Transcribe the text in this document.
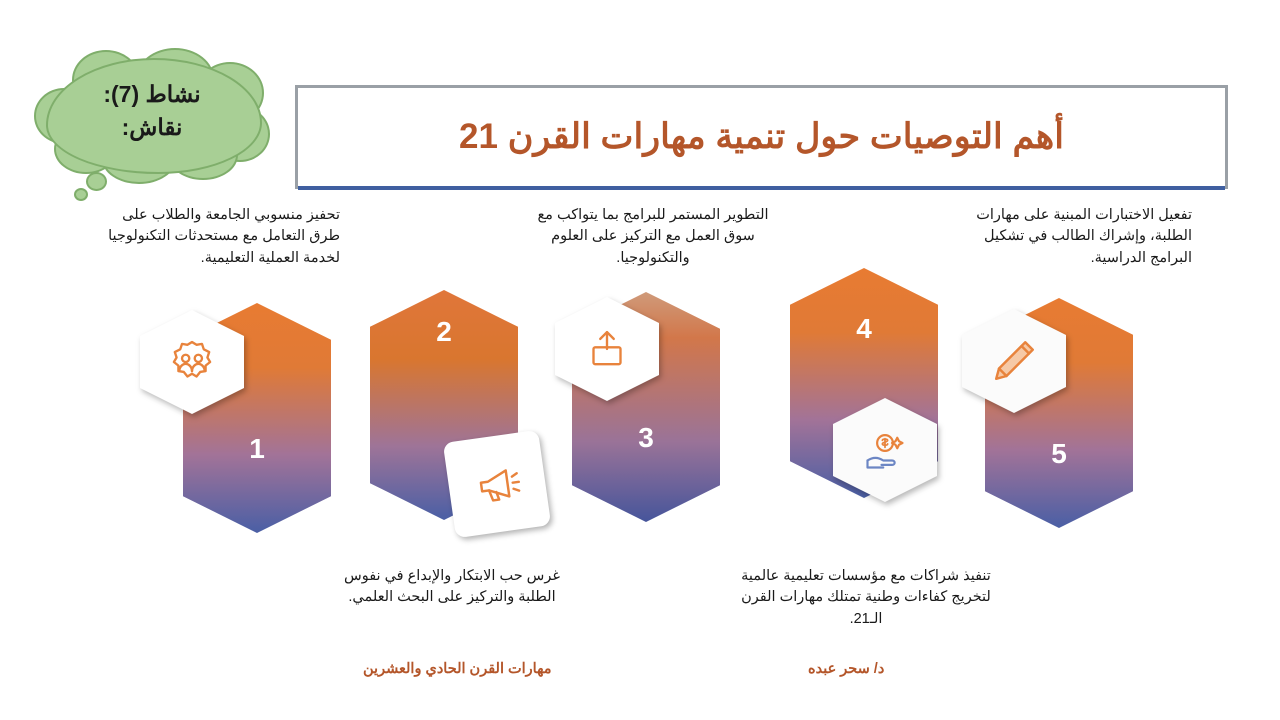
نشاط (7):
نقاش:	أهم التوصيات حول تنمية مهارات القرن 21
تحفيز منسوبي الجامعة والطلاب على طرق التعامل مع مستحدثات التكنولوجيا لخدمة العملية التعليمية.
التطوير المستمر للبرامج بما يتواكب مع سوق العمل مع التركيز على العلوم والتكنولوجيا.
تفعيل الاختبارات المبنية على مهارات الطلبة، وإشراك الطالب في تشكيل البرامج الدراسية.
غرس حب الابتكار والإبداع في نفوس الطلبة والتركيز على البحث العلمي.
تنفيذ شراكات مع مؤسسات تعليمية عالمية لتخريج كفاءات وطنية تمتلك مهارات القرن الـ21.
1
2
3
4
5
د/ سحر عبده
مهارات القرن الحادي والعشرين
